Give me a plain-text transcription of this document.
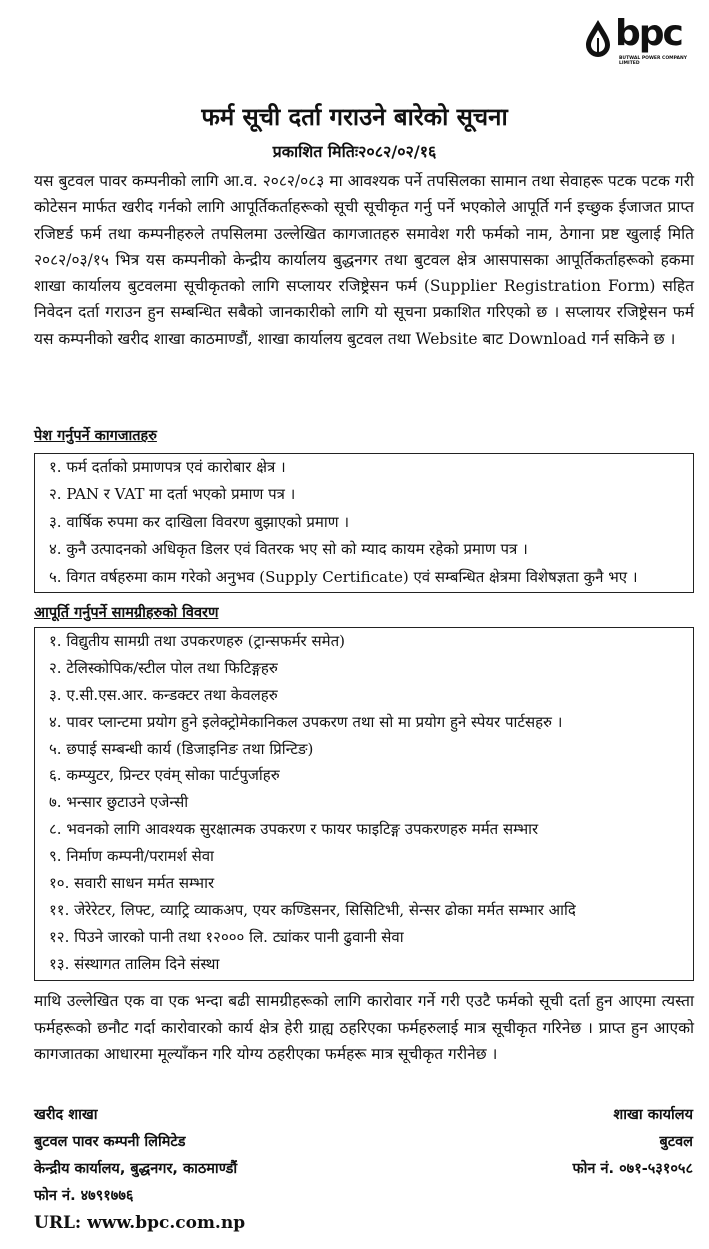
bpc
BUTWAL POWER COMPANY LIMITED
फर्म सूची दर्ता गराउने बारेको सूचना
प्रकाशित मितिः२०८२/०२/१६

यस बुटवल पावर कम्पनीको लागि आ.व. २०८२/०८३ मा आवश्यक पर्ने तपसिलका सामान तथा सेवाहरू पटक पटक गरी कोटेसन मार्फत खरीद गर्नको लागि आपूर्तिकर्ताहरूको सूची सूचीकृत गर्नु पर्ने भएकोले आपूर्ति गर्न इच्छुक ईजाजत प्राप्त रजिष्टर्ड फर्म तथा कम्पनीहरुले तपसिलमा उल्लेखित कागजातहरु समावेश गरी फर्मको नाम, ठेगाना प्रष्ट खुलाई मिति २०८२/०३/१५ भित्र यस कम्पनीको केन्द्रीय कार्यालय बुद्धनगर तथा बुटवल क्षेत्र आसपासका आपूर्तिकर्ताहरूको हकमा शाखा कार्यालय बुटवलमा सूचीकृतको लागि सप्लायर रजिष्ट्रेसन फर्म (Supplier Registration Form) सहित निवेदन दर्ता गराउन हुन सम्बन्धित सबैको जानकारीको लागि यो सूचना प्रकाशित गरिएको छ । सप्लायर रजिष्ट्रेसन फर्म यस कम्पनीको खरीद शाखा काठमाण्डौं, शाखा कार्यालय बुटवल तथा Website बाट Download गर्न सकिने छ ।

पेश गर्नुपर्ने कागजातहरु
१. फर्म दर्ताको प्रमाणपत्र एवं कारोबार क्षेत्र ।
२. PAN र VAT मा दर्ता भएको प्रमाण पत्र ।
३. वार्षिक रुपमा कर दाखिला विवरण बुझाएको प्रमाण ।
४. कुनै उत्पादनको अधिकृत डिलर एवं वितरक भए सो को म्याद कायम रहेको प्रमाण पत्र ।
५. विगत वर्षहरुमा काम गरेको अनुभव (Supply Certificate) एवं सम्बन्धित क्षेत्रमा विशेषज्ञता कुनै भए ।
आपूर्ति गर्नुपर्ने सामग्रीहरुको विवरण
१. विद्युतीय सामग्री तथा उपकरणहरु (ट्रान्सफर्मर समेत)
२. टेलिस्कोपिक/स्टील पोल तथा फिटिङ्गहरु
३. ए.सी.एस.आर. कन्डक्टर तथा केवलहरु
४. पावर प्लान्टमा प्रयोग हुने इलेक्ट्रोमेकानिकल उपकरण तथा सो मा प्रयोग हुने स्पेयर पार्टसहरु ।
५. छपाई सम्बन्धी कार्य (डिजाइनिङ तथा प्रिन्टिङ)
६. कम्प्युटर, प्रिन्टर एवंम् सोका पार्टपुर्जाहरु
७. भन्सार छुटाउने एजेन्सी
८. भवनको लागि आवश्यक सुरक्षात्मक उपकरण र फायर फाइटिङ्ग उपकरणहरु मर्मत सम्भार
९. निर्माण कम्पनी/परामर्श सेवा
१०. सवारी साधन मर्मत सम्भार
११. जेरेरेटर, लिफ्ट, व्याट्रि व्याकअप, एयर कण्डिसनर, सिसिटिभी, सेन्सर ढोका मर्मत सम्भार आदि
१२. पिउने जारको पानी तथा १२००० लि. ट्यांकर पानी ढुवानी सेवा
१३. संस्थागत तालिम दिने संस्था

माथि उल्लेखित एक वा एक भन्दा बढी सामग्रीहरूको लागि कारोवार गर्ने गरी एउटै फर्मको सूची दर्ता हुन आएमा त्यस्ता फर्महरूको छनौट गर्दा कारोवारको कार्य क्षेत्र हेरी ग्राह्य ठहरिएका फर्महरुलाई मात्र सूचीकृत गरिनेछ । प्राप्त हुन आएको कागजातका आधारमा मूल्याँकन गरि योग्य ठहरीएका फर्महरू मात्र सूचीकृत गरीनेछ ।

खरीद शाखा
बुटवल पावर कम्पनी लिमिटेड
केन्द्रीय कार्यालय, बुद्धनगर, काठमाण्डौं
फोन नं. ४७९१७७६
शाखा कार्यालय
बुटवल
फोन नं. ०७१-५३१०५८
URL: www.bpc.com.np
